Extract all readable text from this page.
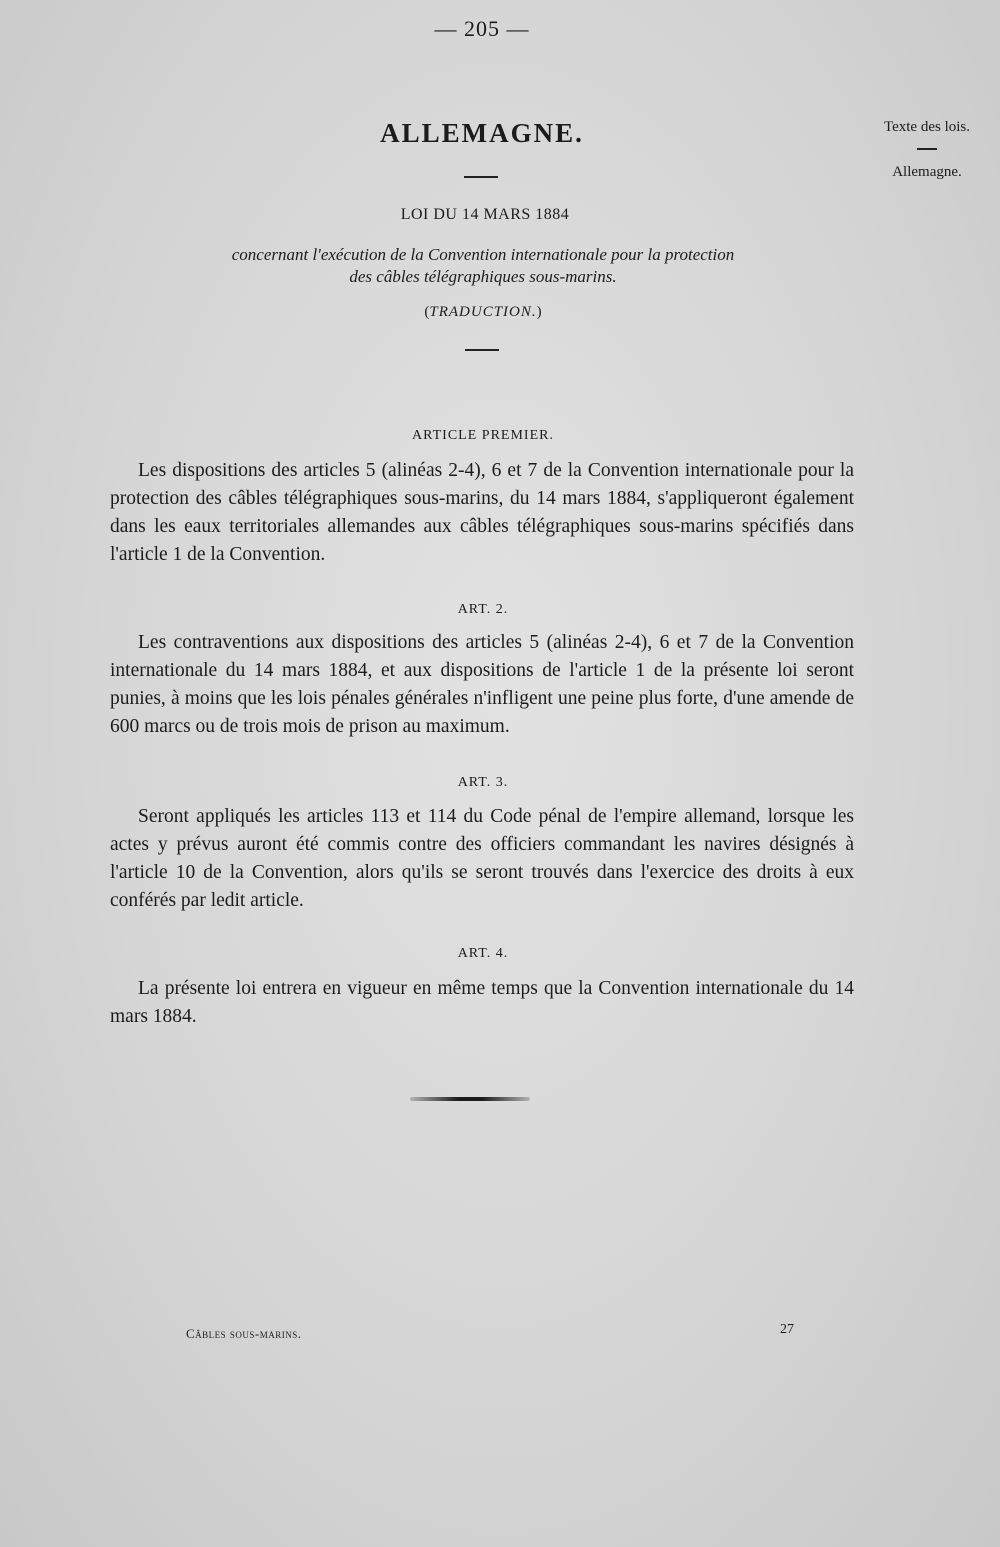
— 205 —
Texte des lois.
Allemagne.
ALLEMAGNE.
LOI DU 14 MARS 1884
concernant l'exécution de la Convention internationale pour la protection
des câbles télégraphiques sous-marins.
(TRADUCTION.)
ARTICLE PREMIER.
Les dispositions des articles 5 (alinéas 2-4), 6 et 7 de la Convention internationale pour la protection des câbles télégraphiques sous-marins, du 14 mars 1884, s'appliqueront également dans les eaux territoriales allemandes aux câbles télégraphiques sous-marins spécifiés dans l'article 1 de la Convention.
ART. 2.
Les contraventions aux dispositions des articles 5 (alinéas 2-4), 6 et 7 de la Convention internationale du 14 mars 1884, et aux dispositions de l'article 1 de la présente loi seront punies, à moins que les lois pénales générales n'infligent une peine plus forte, d'une amende de 600 marcs ou de trois mois de prison au maximum.
ART. 3.
Seront appliqués les articles 113 et 114 du Code pénal de l'empire allemand, lorsque les actes y prévus auront été commis contre des officiers commandant les navires désignés à l'article 10 de la Convention, alors qu'ils se seront trouvés dans l'exercice des droits à eux conférés par ledit article.
ART. 4.
La présente loi entrera en vigueur en même temps que la Convention internationale du 14 mars 1884.
Câbles sous-marins.	27
